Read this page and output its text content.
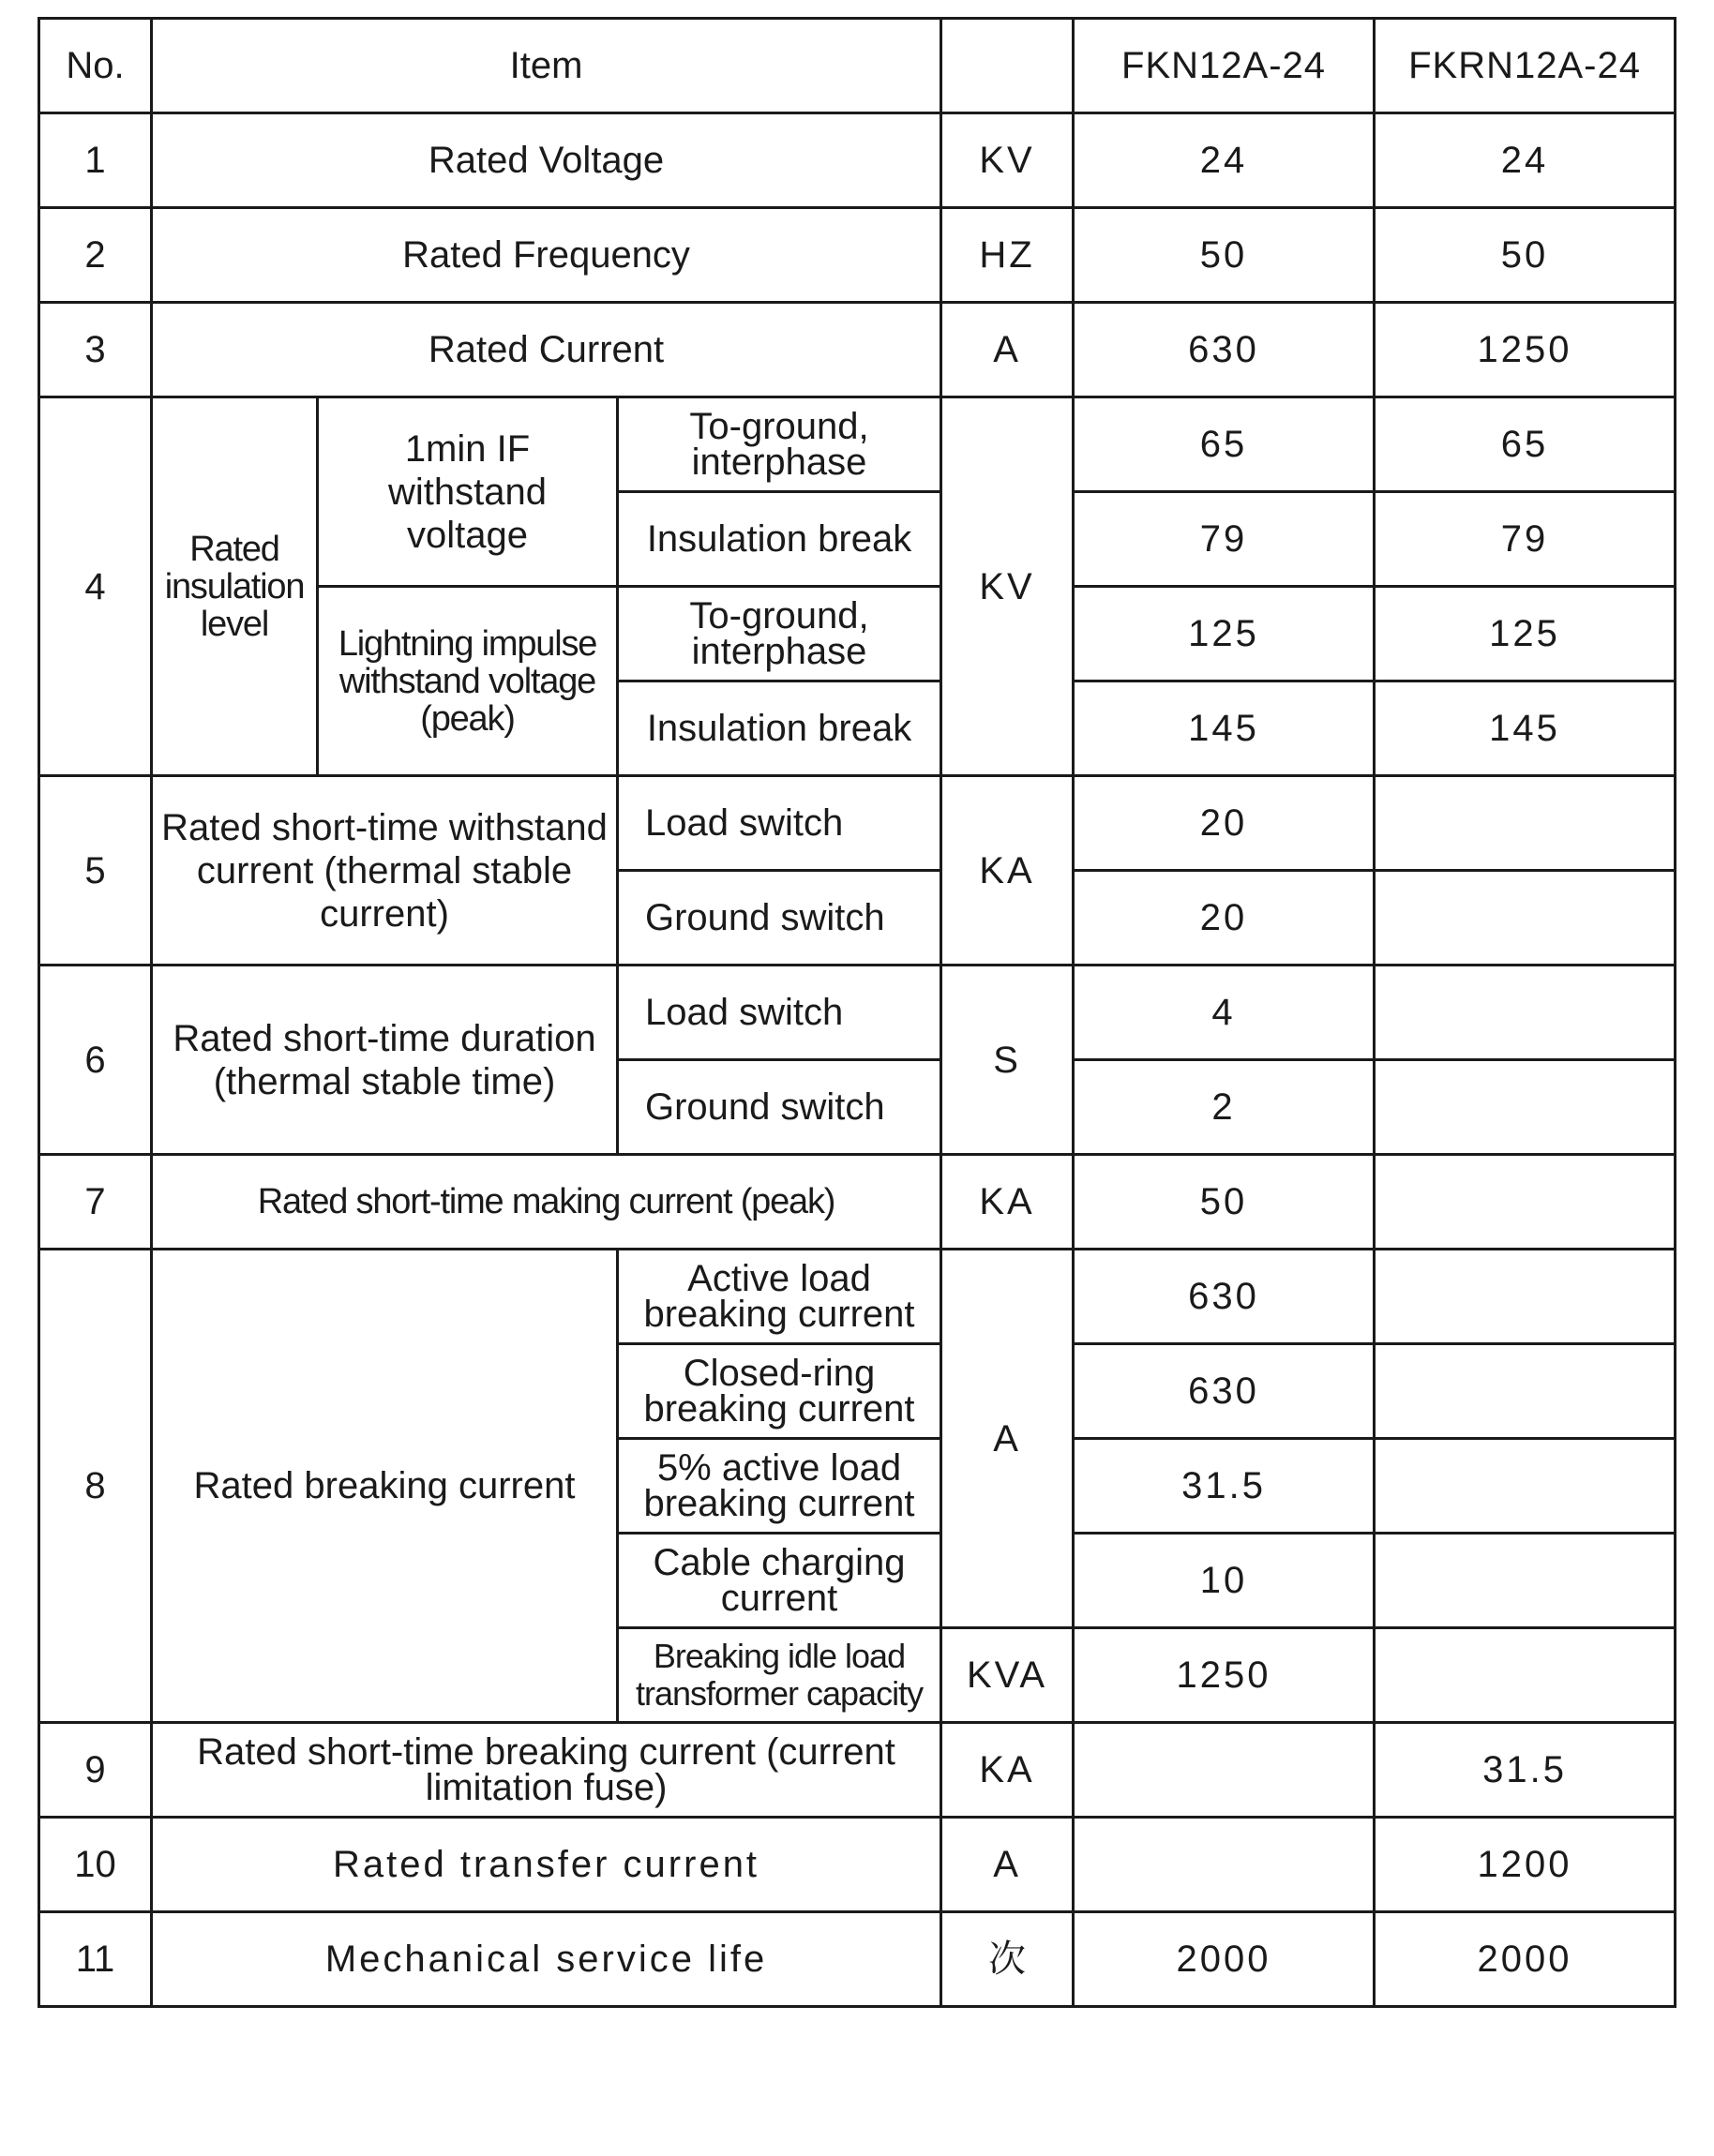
No.	Item				FKN12A-24	FKRN12A-24
1	Rated Voltage			KV	24	24
2	Rated Frequency			HZ	50	50
3	Rated Current			A	630	1250
4	Rated insulation level	1min IF withstand voltage	To-ground, interphase	KV	65	65
			Insulation break		79	79
		Lightning impulse withstand voltage (peak)	To-ground, interphase		125	125
			Insulation break		145	145
5	Rated short-time withstand current (thermal stable current)		Load switch	KA	20	
			Ground switch		20	
6	Rated short-time duration (thermal stable time)		Load switch	S	4	
			Ground switch		2	
7	Rated short-time making current (peak)			KA	50	
8	Rated breaking current		Active load breaking current	A	630	
			Closed-ring breaking current		630	
			5% active load breaking current		31.5	
			Cable charging current		10	
			Breaking idle load transformer capacity	KVA	1250	
9	Rated short-time breaking current (current limitation fuse)			KA		31.5
10	Rated transfer current			A		1200
11	Mechanical service life			次	2000	2000
